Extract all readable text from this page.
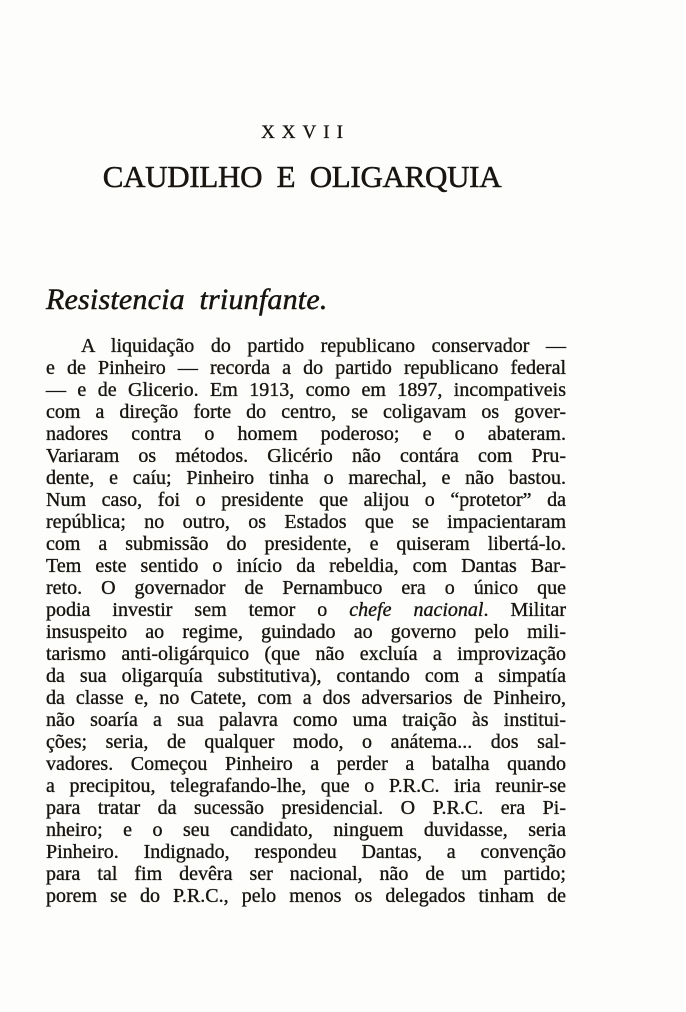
XXVII
CAUDILHO E OLIGARQUIA
Resistencia triunfante.
A liquidação do partido republicano conservador —
e de Pinheiro — recorda a do partido republicano federal
— e de Glicerio. Em 1913, como em 1897, incompativeis
com a direção forte do centro, se coligavam os gover-
nadores contra o homem poderoso; e o abateram.
Variaram os métodos. Glicério não contára com Pru-
dente, e caíu; Pinheiro tinha o marechal, e não bastou.
Num caso, foi o presidente que alijou o “protetor” da
república; no outro, os Estados que se impacientaram
com a submissão do presidente, e quiseram libertá-lo.
Tem este sentido o início da rebeldia, com Dantas Bar-
reto. O governador de Pernambuco era o único que
podia investir sem temor o chefe nacional. Militar
insuspeito ao regime, guindado ao governo pelo mili-
tarismo anti-oligárquico (que não excluía a improvização
da sua oligarquía substitutiva), contando com a simpatía
da classe e, no Catete, com a dos adversarios de Pinheiro,
não soaría a sua palavra como uma traição às institui-
ções; seria, de qualquer modo, o anátema... dos sal-
vadores. Começou Pinheiro a perder a batalha quando
a precipitou, telegrafando-lhe, que o P.R.C. iria reunir-se
para tratar da sucessão presidencial. O P.R.C. era Pi-
nheiro; e o seu candidato, ninguem duvidasse, seria
Pinheiro. Indignado, respondeu Dantas, a convenção
para tal fim devêra ser nacional, não de um partido;
porem se do P.R.C., pelo menos os delegados tinham de
